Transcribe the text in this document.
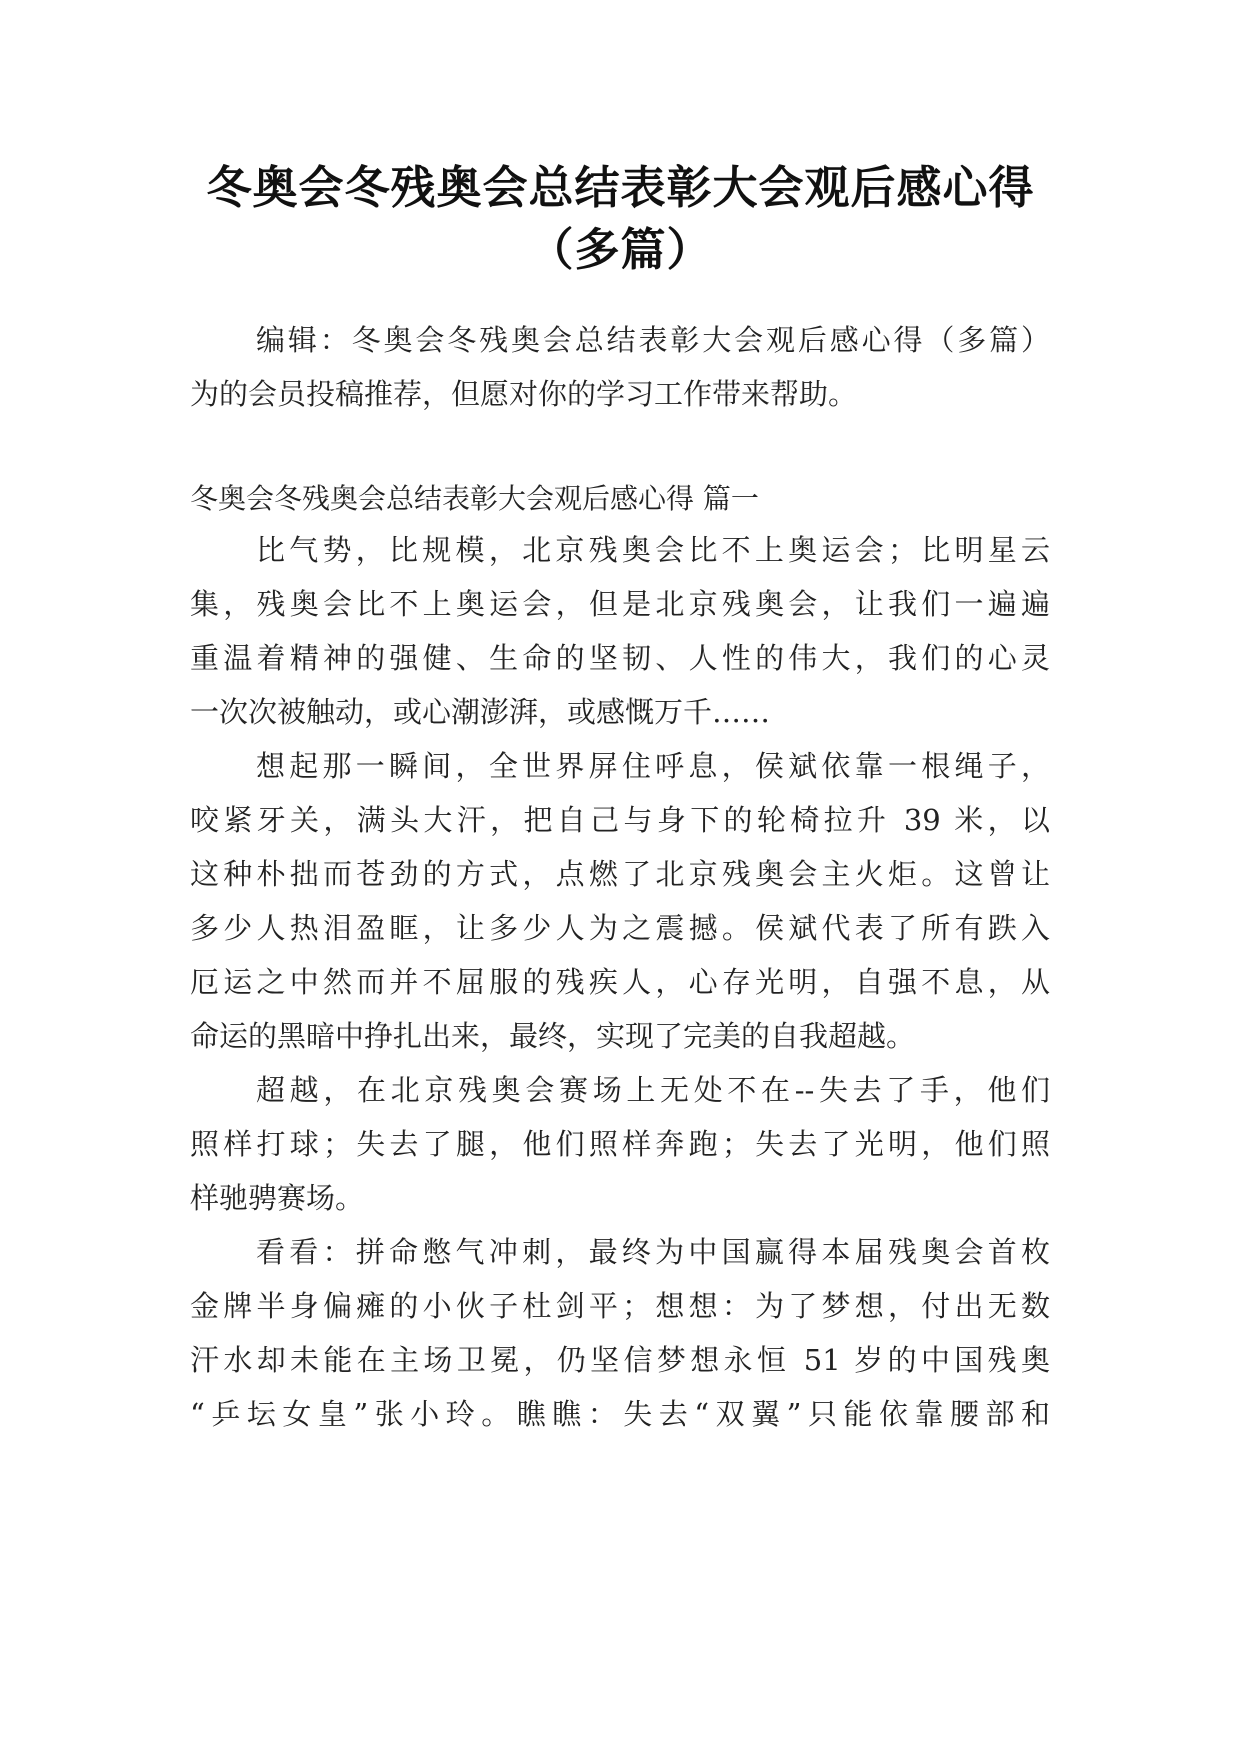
冬奥会冬残奥会总结表彰大会观后感心得
（多篇）
编辑：冬奥会冬残奥会总结表彰大会观后感心得（多篇）
为的会员投稿推荐，但愿对你的学习工作带来帮助。
冬奥会冬残奥会总结表彰大会观后感心得 篇一
比气势，比规模，北京残奥会比不上奥运会；比明星云
集，残奥会比不上奥运会，但是北京残奥会，让我们一遍遍
重温着精神的强健、生命的坚韧、人性的伟大，我们的心灵
一次次被触动，或心潮澎湃，或感慨万千……
想起那一瞬间，全世界屏住呼息，侯斌依靠一根绳子，
咬紧牙关，满头大汗，把自己与身下的轮椅拉升 39 米，以
这种朴拙而苍劲的方式，点燃了北京残奥会主火炬。这曾让
多少人热泪盈眶，让多少人为之震撼。侯斌代表了所有跌入
厄运之中然而并不屈服的残疾人，心存光明，自强不息，从
命运的黑暗中挣扎出来，最终，实现了完美的自我超越。
超越，在北京残奥会赛场上无处不在--失去了手，他们
照样打球；失去了腿，他们照样奔跑；失去了光明，他们照
样驰骋赛场。
看看：拼命憋气冲刺，最终为中国赢得本届残奥会首枚
金牌半身偏瘫的小伙子杜剑平；想想：为了梦想，付出无数
汗水却未能在主场卫冕，仍坚信梦想永恒 51 岁的中国残奥
“乒坛女皇”张小玲。瞧瞧：失去“双翼”只能依靠腰部和
